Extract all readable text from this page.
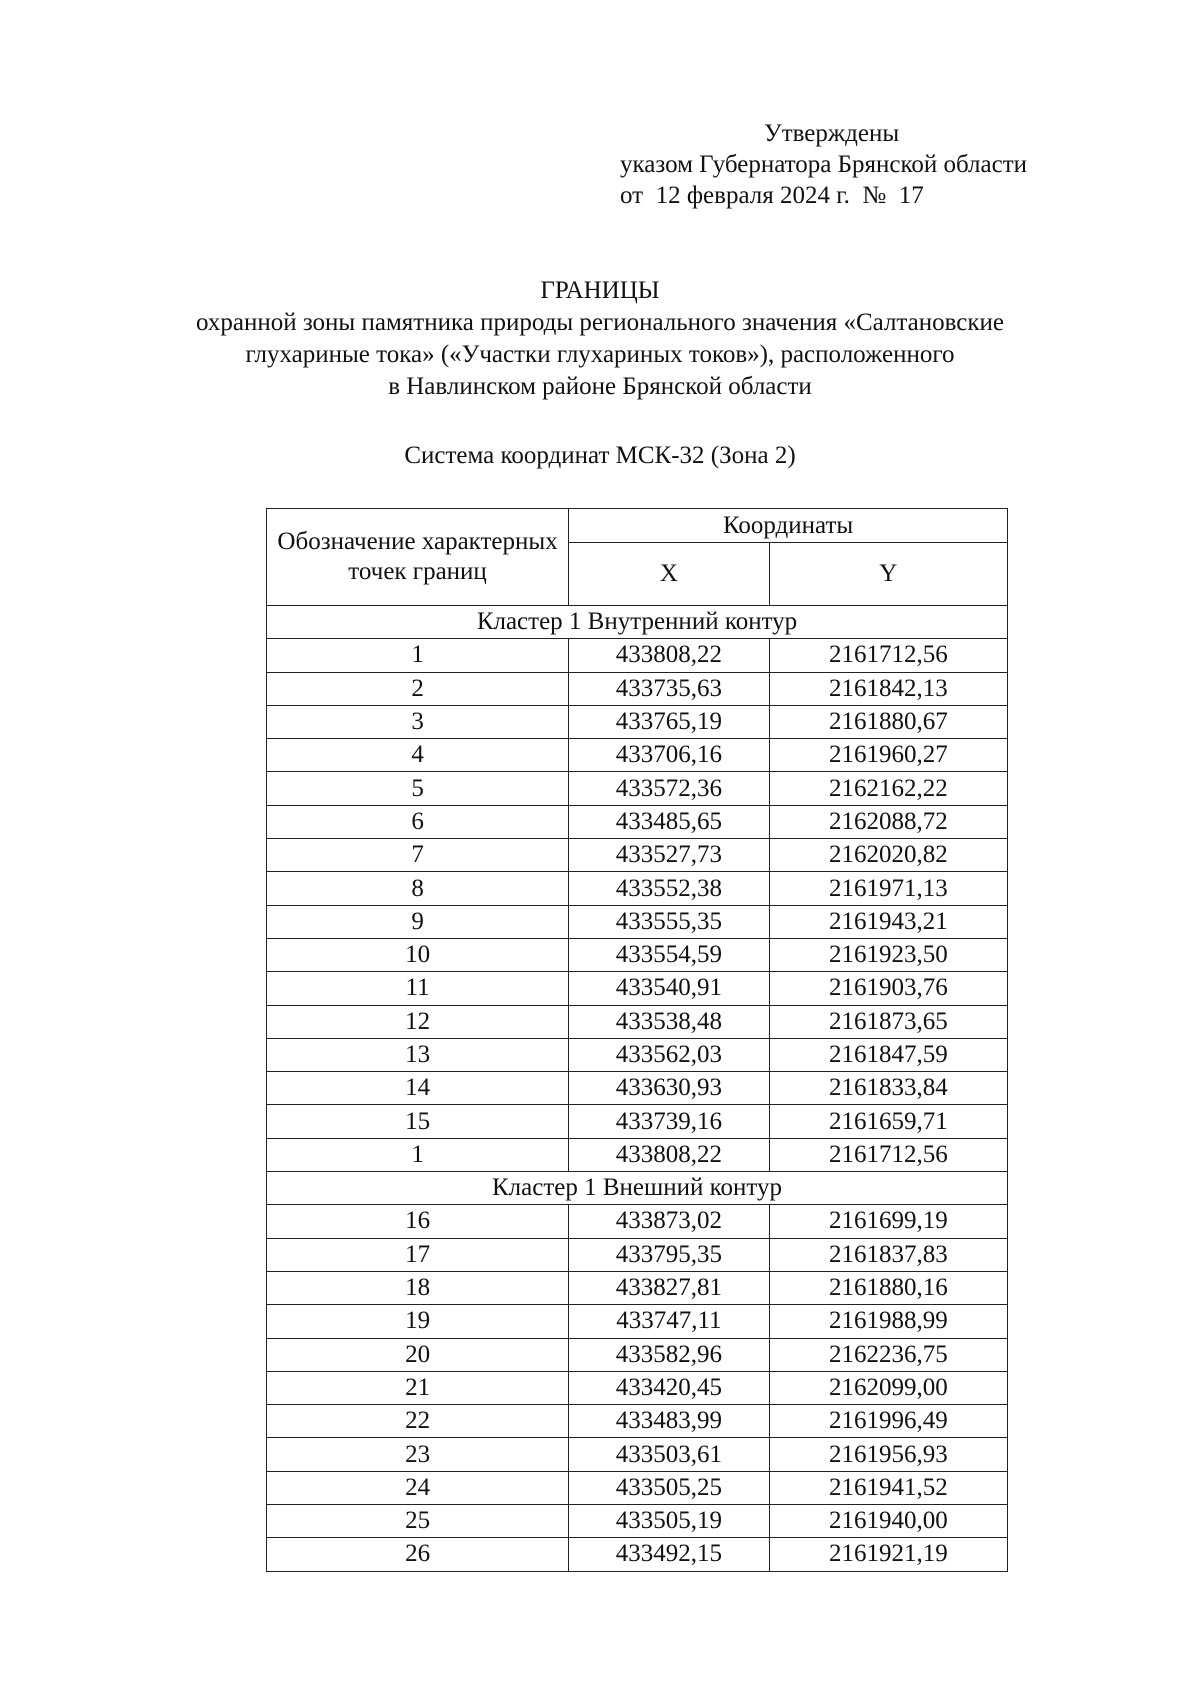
Утверждены
указом Губернатора Брянской области
от  12 февраля 2024 г.  №  17
ГРАНИЦЫ
охранной зоны памятника природы регионального значения «Салтановские
глухариные тока» («Участки глухариных токов»), расположенного
в Навлинском районе Брянской области
Система координат МСК-32 (Зона 2)
Обозначение характерных точек границ	Координаты	
	X	Y
Кластер 1 Внутренний контур		
1	433808,22	2161712,56
2	433735,63	2161842,13
3	433765,19	2161880,67
4	433706,16	2161960,27
5	433572,36	2162162,22
6	433485,65	2162088,72
7	433527,73	2162020,82
8	433552,38	2161971,13
9	433555,35	2161943,21
10	433554,59	2161923,50
11	433540,91	2161903,76
12	433538,48	2161873,65
13	433562,03	2161847,59
14	433630,93	2161833,84
15	433739,16	2161659,71
1	433808,22	2161712,56
Кластер 1 Внешний контур		
16	433873,02	2161699,19
17	433795,35	2161837,83
18	433827,81	2161880,16
19	433747,11	2161988,99
20	433582,96	2162236,75
21	433420,45	2162099,00
22	433483,99	2161996,49
23	433503,61	2161956,93
24	433505,25	2161941,52
25	433505,19	2161940,00
26	433492,15	2161921,19
